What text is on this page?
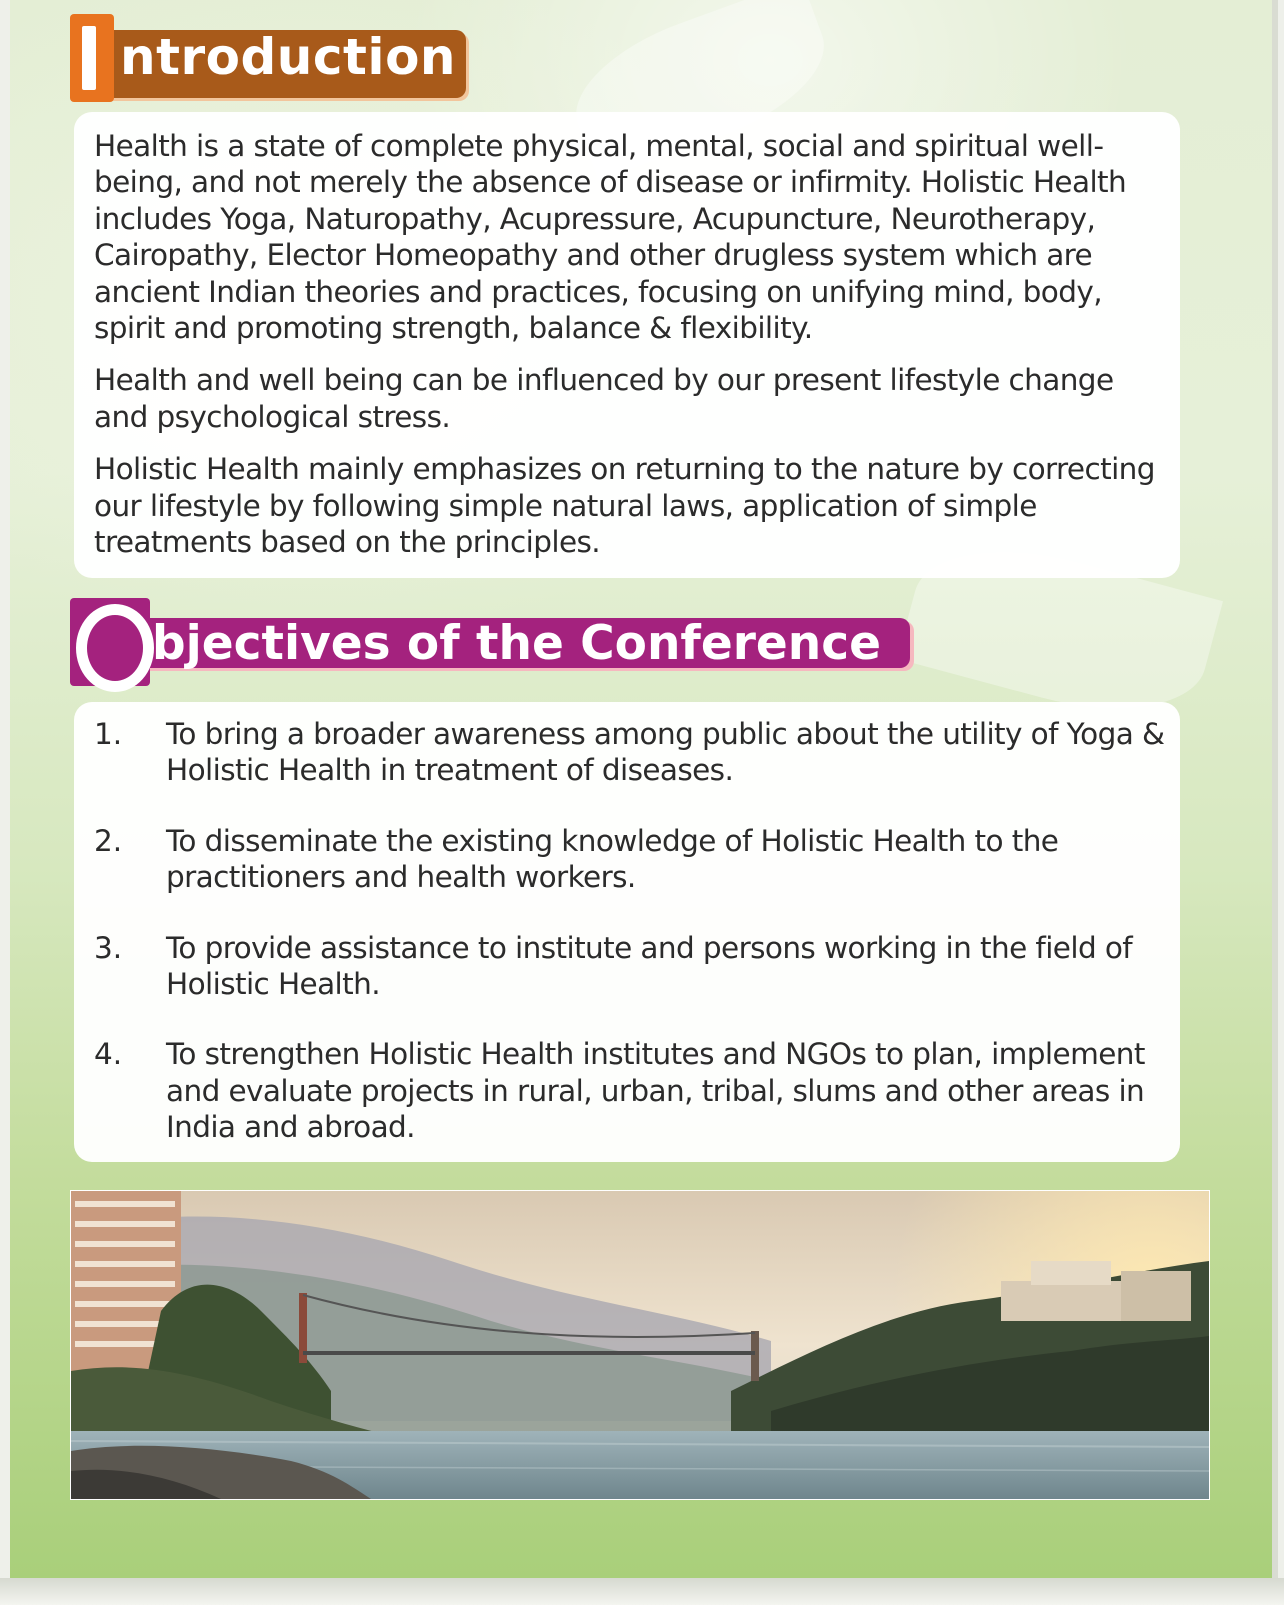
ntroduction

Health is a state of complete physical, mental, social and spiritual well-being, and not merely the absence of disease or infirmity. Holistic Health includes Yoga, Naturopathy, Acupressure, Acupuncture, Neurotherapy, Cairopathy, Elector Homeopathy and other drugless system which are ancient Indian theories and practices, focusing on unifying mind, body, spirit and promoting strength, balance & flexibility.

Health and well being can be influenced by our present lifestyle change and psychological stress.

Holistic Health mainly emphasizes on returning to the nature by correcting our lifestyle by following simple natural laws, application of simple treatments based on the principles.

bjectives of the Conference
1. To bring a broader awareness among public about the utility of Yoga & Holistic Health in treatment of diseases.

2. To disseminate the existing knowledge of Holistic Health to the practitioners and health workers.

3. To provide assistance to institute and persons working in the field of Holistic Health.

4. To strengthen Holistic Health institutes and NGOs to plan, implement and evaluate projects in rural, urban, tribal, slums and other areas in India and abroad.
